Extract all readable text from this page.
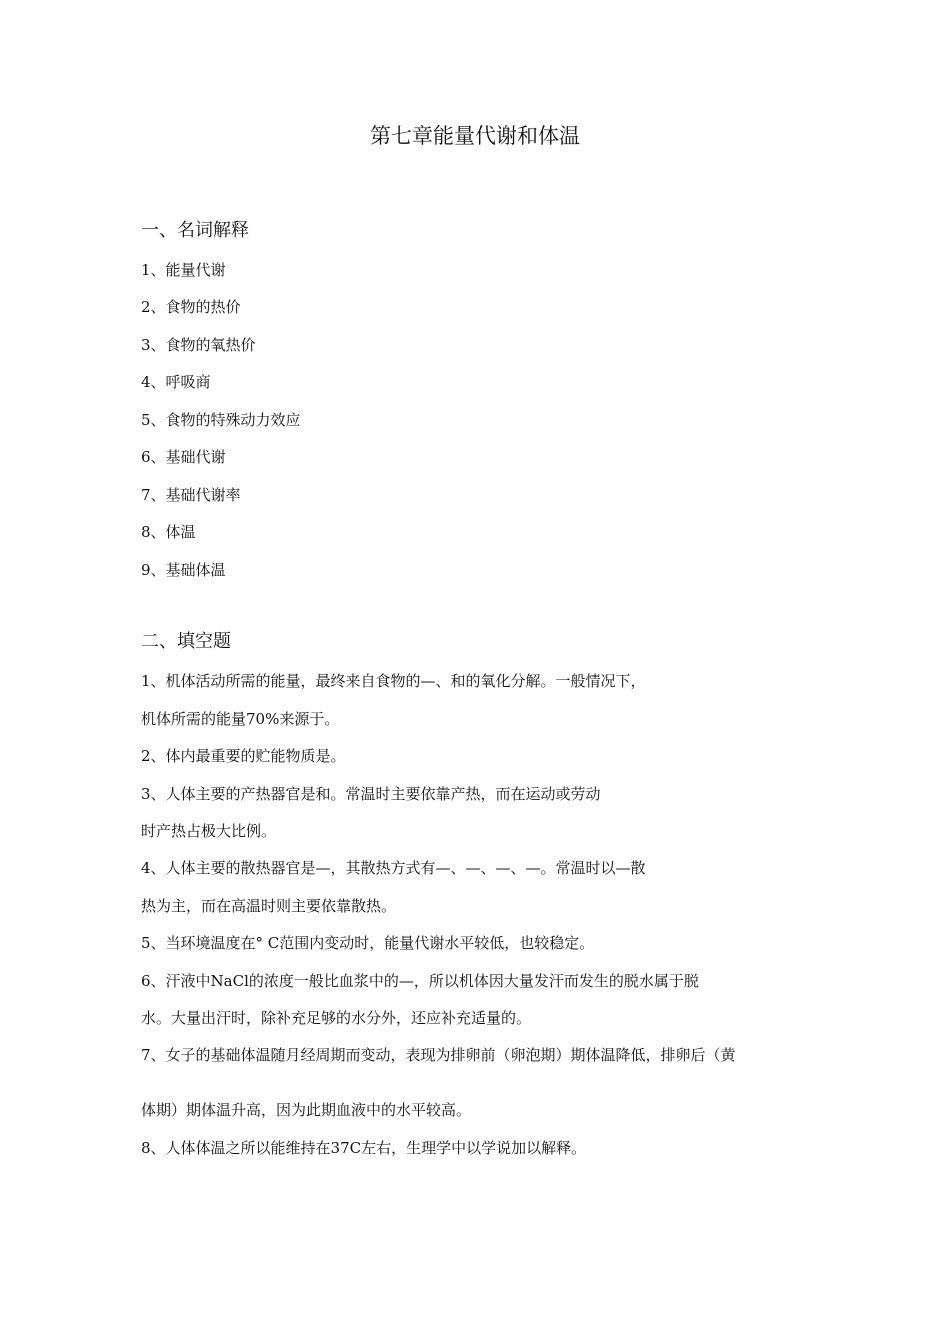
第七章能量代谢和体温
一、名词解释

1、能量代谢

2、食物的热价

3、食物的氧热价

4、呼吸商

5、食物的特殊动力效应

6、基础代谢

7、基础代谢率

8、体温

9、基础体温

二、填空题

1、机体活动所需的能量，最终来自食物的—、和的氧化分解。一般情况下，

机体所需的能量70%来源于。

2、体内最重要的贮能物质是。

3、人体主要的产热器官是和。常温时主要依靠产热，而在运动或劳动

时产热占极大比例。

4、人体主要的散热器官是—，其散热方式有—、—、—、—。常温时以—散

热为主，而在高温时则主要依靠散热。

5、当环境温度在° C范围内变动时，能量代谢水平较低，也较稳定。

6、汗液中NaCl的浓度一般比血浆中的—，所以机体因大量发汗而发生的脱水属于脱

水。大量出汗时，除补充足够的水分外，还应补充适量的。

7、女子的基础体温随月经周期而变动，表现为排卵前（卵泡期）期体温降低，排卵后（黄

体期）期体温升高，因为此期血液中的水平较高。

8、人体体温之所以能维持在37C左右，生理学中以学说加以解释。
